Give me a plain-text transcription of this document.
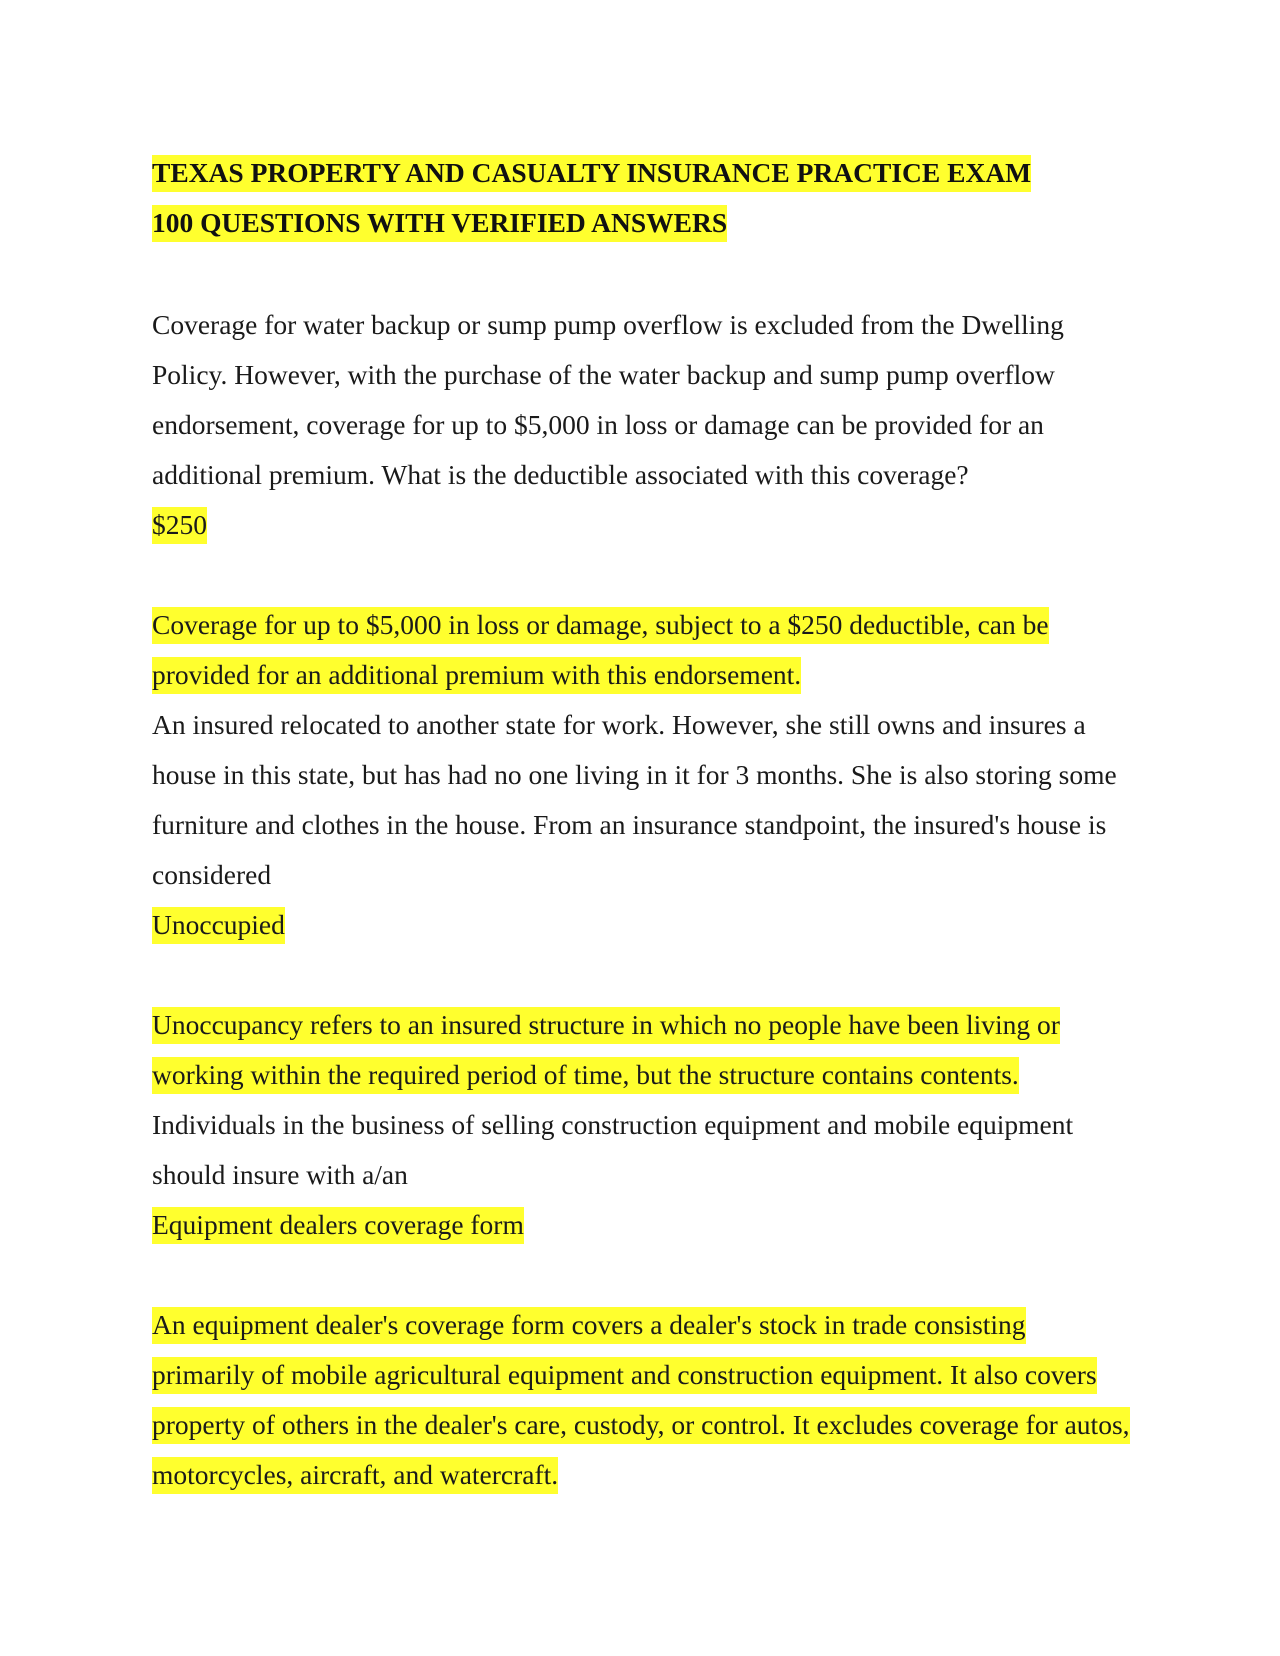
TEXAS PROPERTY AND CASUALTY INSURANCE PRACTICE EXAM
100 QUESTIONS WITH VERIFIED ANSWERS

Coverage for water backup or sump pump overflow is excluded from the Dwelling Policy. However, with the purchase of the water backup and sump pump overflow endorsement, coverage for up to $5,000 in loss or damage can be provided for an additional premium. What is the deductible associated with this coverage?

$250

Coverage for up to $5,000 in loss or damage, subject to a $250 deductible, can be provided for an additional premium with this endorsement.

An insured relocated to another state for work. However, she still owns and insures a house in this state, but has had no one living in it for 3 months. She is also storing some furniture and clothes in the house. From an insurance standpoint, the insured's house is considered

Unoccupied

Unoccupancy refers to an insured structure in which no people have been living or working within the required period of time, but the structure contains contents.

Individuals in the business of selling construction equipment and mobile equipment should insure with a/an

Equipment dealers coverage form

An equipment dealer's coverage form covers a dealer's stock in trade consisting primarily of mobile agricultural equipment and construction equipment. It also covers property of others in the dealer's care, custody, or control. It excludes coverage for autos, motorcycles, aircraft, and watercraft.
